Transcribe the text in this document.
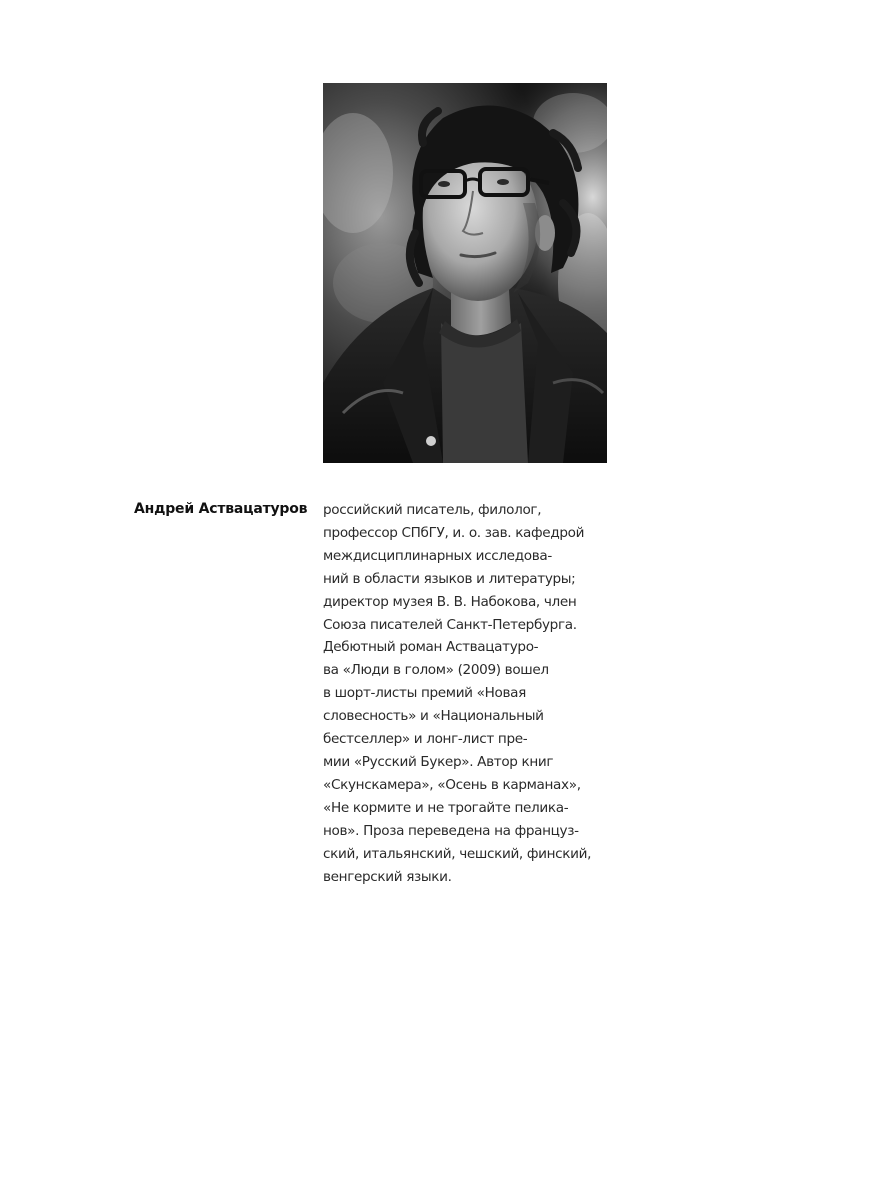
Андрей Аствацатуров	российский писатель, филолог,
профессор СПбГУ, и. о. зав. кафедрой
междисциплинарных исследова-
ний в области языков и литературы;
директор музея В. В. Набокова, член
Союза писателей Санкт-Петербурга.
Дебютный роман Аствацатуро-
ва «Люди в голом» (2009) вошел
в шорт-листы премий «Новая
словесность» и «Национальный
бестселлер» и лонг-лист пре-
мии «Русский Букер». Автор книг
«Скунскамера», «Осень в карманах»,
«Не кормите и не трогайте пелика-
нов». Проза переведена на француз-
ский, итальянский, чешский, финский,
венгерский языки.
